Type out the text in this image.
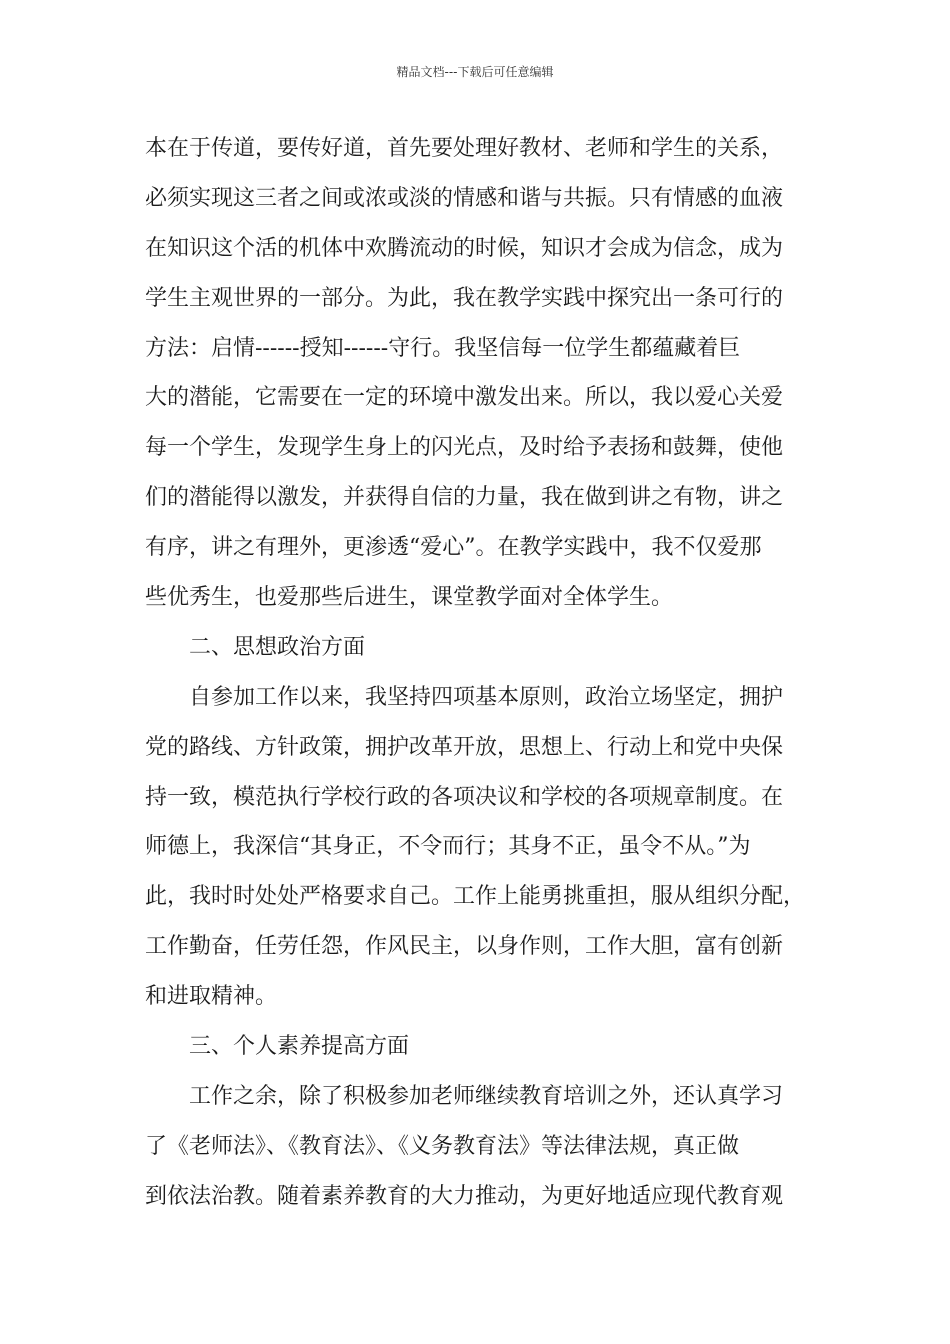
精品文档---下载后可任意编辑
本在于传道，要传好道，首先要处理好教材、老师和学生的关系，
必须实现这三者之间或浓或淡的情感和谐与共振。只有情感的血液
在知识这个活的机体中欢腾流动的时候，知识才会成为信念，成为
学生主观世界的一部分。为此，我在教学实践中探究出一条可行的
方法：启情------授知------守行。我坚信每一位学生都蕴藏着巨
大的潜能，它需要在一定的环境中激发出来。所以，我以爱心关爱
每一个学生，发现学生身上的闪光点，及时给予表扬和鼓舞，使他
们的潜能得以激发，并获得自信的力量，我在做到讲之有物，讲之
有序，讲之有理外，更渗透“爱心”。在教学实践中，我不仅爱那
些优秀生，也爱那些后进生，课堂教学面对全体学生。
二、思想政治方面
自参加工作以来，我坚持四项基本原则，政治立场坚定，拥护
党的路线、方针政策，拥护改革开放，思想上、行动上和党中央保
持一致，模范执行学校行政的各项决议和学校的各项规章制度。在
师德上，我深信“其身正，不令而行；其身不正，虽令不从。”为
此，我时时处处严格要求自己。工作上能勇挑重担，服从组织分配，
工作勤奋，任劳任怨，作风民主，以身作则，工作大胆，富有创新
和进取精神。
三、个人素养提高方面
工作之余，除了积极参加老师继续教育培训之外，还认真学习
了《老师法》、《教育法》、《义务教育法》等法律法规，真正做
到依法治教。随着素养教育的大力推动，为更好地适应现代教育观
